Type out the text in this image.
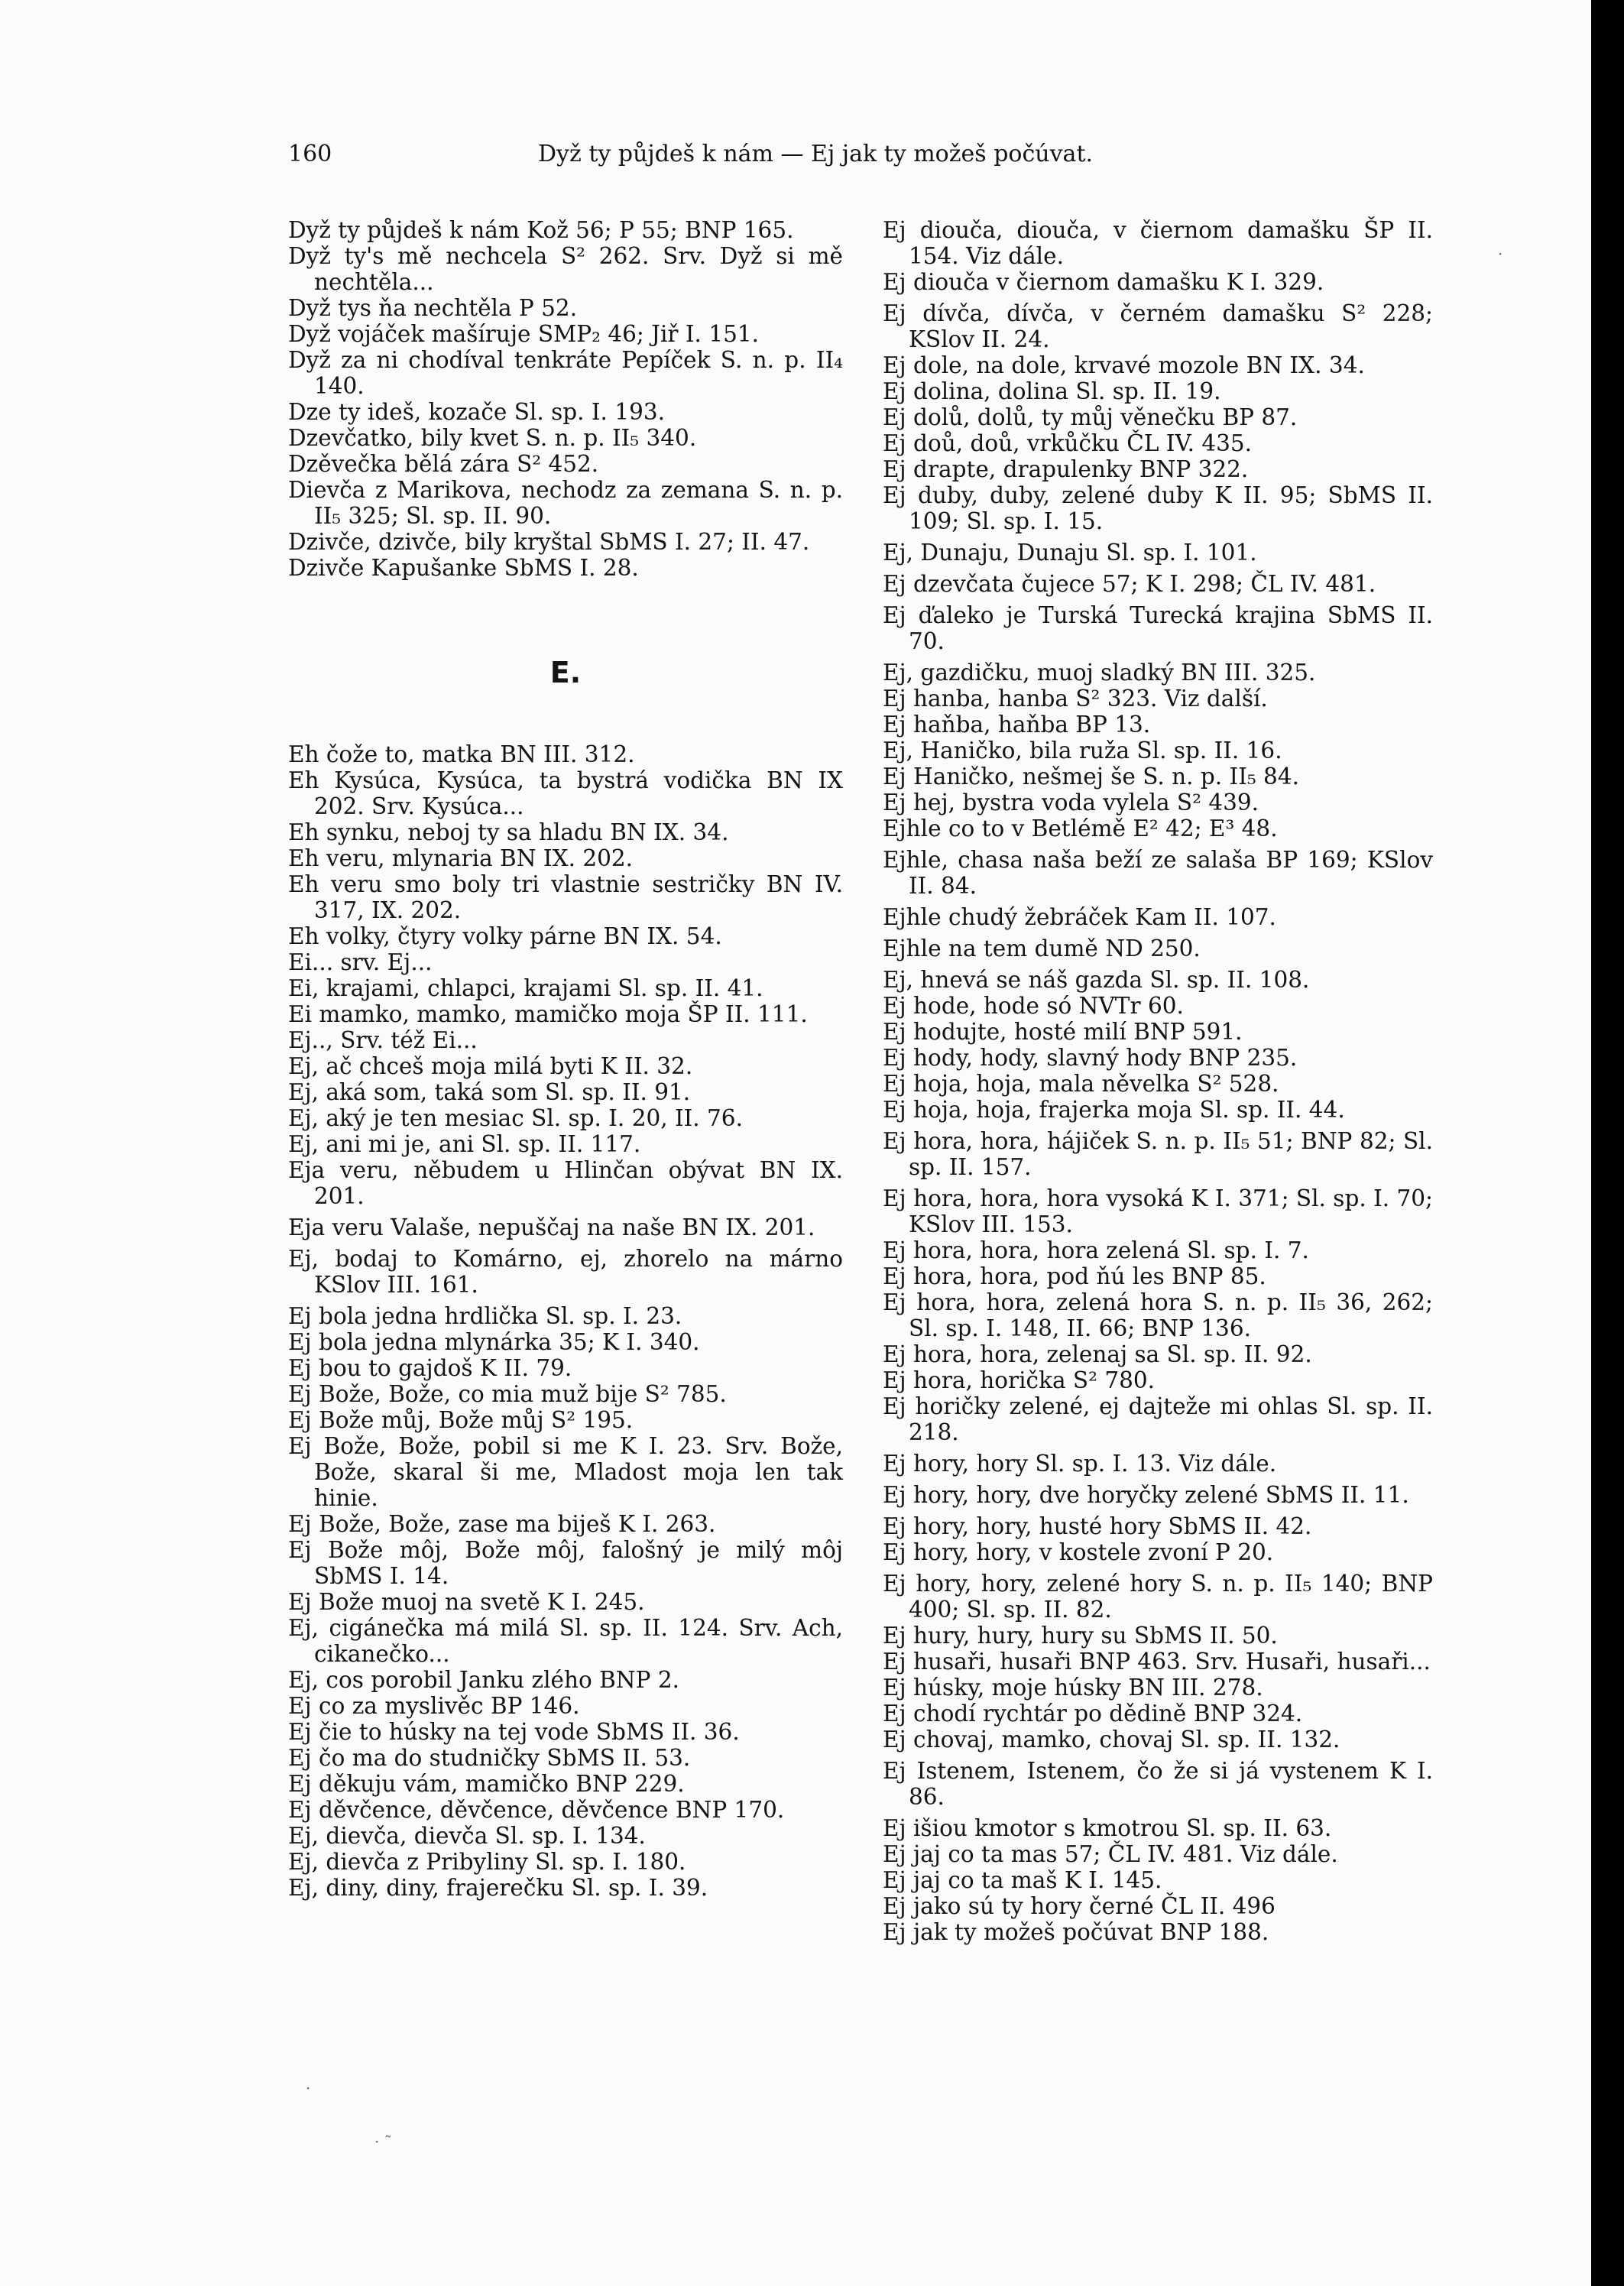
160	Dyž ty půjdeš k nám — Ej jak ty možeš počúvat.
Dyž ty půjdeš k nám Kož 56; P 55; BNP 165.
Dyž ty's mě nechcela S² 262. Srv. Dyž si mě nechtěla...
Dyž tys ňa nechtěla P 52.
Dyž vojáček mašíruje SMP₂ 46; Jiř I. 151.
Dyž za ni chodíval tenkráte Pepíček S. n. p. II₄ 140.
Dze ty ideš, kozače Sl. sp. I. 193.
Dzevčatko, bily kvet S. n. p. II₅ 340.
Dzěvečka bělá zára S² 452.
Dievča z Marikova, nechodz za zemana S. n. p. II₅ 325; Sl. sp. II. 90.
Dzivče, dzivče, bily kryštal SbMS I. 27; II. 47.
Dzivče Kapušanke SbMS I. 28.
E.
Eh čože to, matka BN III. 312.
Eh Kysúca, Kysúca, ta bystrá vodička BN IX 202. Srv. Kysúca...
Eh synku, neboj ty sa hladu BN IX. 34.
Eh veru, mlynaria BN IX. 202.
Eh veru smo boly tri vlastnie sestričky BN IV. 317, IX. 202.
Eh volky, čtyry volky párne BN IX. 54.
Ei... srv. Ej...
Ei, krajami, chlapci, krajami Sl. sp. II. 41.
Ei mamko, mamko, mamičko moja ŠP II. 111.
Ej.., Srv. též Ei...
Ej, ač chceš moja milá byti K II. 32.
Ej, aká som, taká som Sl. sp. II. 91.
Ej, aký je ten mesiac Sl. sp. I. 20, II. 76.
Ej, ani mi je, ani Sl. sp. II. 117.
Eja veru, něbudem u Hlinčan obývat BN IX. 201.
Eja veru Valaše, nepuščaj na naše BN IX. 201.
Ej, bodaj to Komárno, ej, zhorelo na márno KSlov III. 161.
Ej bola jedna hrdlička Sl. sp. I. 23.
Ej bola jedna mlynárka 35; K I. 340.
Ej bou to gajdoš K II. 79.
Ej Bože, Bože, co mia muž bije S² 785.
Ej Bože můj, Bože můj S² 195.
Ej Bože, Bože, pobil si me K I. 23. Srv. Bože, Bože, skaral ši me, Mladost moja len tak hinie.
Ej Bože, Bože, zase ma biješ K I. 263.
Ej Bože môj, Bože môj, falošný je milý môj SbMS I. 14.
Ej Bože muoj na svetě K I. 245.
Ej, cigánečka má milá Sl. sp. II. 124. Srv. Ach, cikanečko...
Ej, cos porobil Janku zlého BNP 2.
Ej co za myslivěc BP 146.
Ej čie to húsky na tej vode SbMS II. 36.
Ej čo ma do studničky SbMS II. 53.
Ej děkuju vám, mamičko BNP 229.
Ej děvčence, děvčence, děvčence BNP 170.
Ej, dievča, dievča Sl. sp. I. 134.
Ej, dievča z Pribyliny Sl. sp. I. 180.
Ej, diny, diny, frajerečku Sl. sp. I. 39.
Ej diouča, diouča, v čiernom damašku ŠP II. 154. Viz dále.
Ej diouča v čiernom damašku K I. 329.
Ej dívča, dívča, v černém damašku S² 228; KSlov II. 24.
Ej dole, na dole, krvavé mozole BN IX. 34.
Ej dolina, dolina Sl. sp. II. 19.
Ej dolů, dolů, ty můj věnečku BP 87.
Ej doů, doů, vrkůčku ČL IV. 435.
Ej drapte, drapulenky BNP 322.
Ej duby, duby, zelené duby K II. 95; SbMS II. 109; Sl. sp. I. 15.
Ej, Dunaju, Dunaju Sl. sp. I. 101.
Ej dzevčata čujece 57; K I. 298; ČL IV. 481.
Ej ďaleko je Turská Turecká krajina SbMS II. 70.
Ej, gazdičku, muoj sladký BN III. 325.
Ej hanba, hanba S² 323. Viz další.
Ej haňba, haňba BP 13.
Ej, Haničko, bila ruža Sl. sp. II. 16.
Ej Haničko, nešmej še S. n. p. II₅ 84.
Ej hej, bystra voda vylela S² 439.
Ejhle co to v Betlémě E² 42; E³ 48.
Ejhle, chasa naša beží ze salaša BP 169; KSlov II. 84.
Ejhle chudý žebráček Kam II. 107.
Ejhle na tem dumě ND 250.
Ej, hnevá se náš gazda Sl. sp. II. 108.
Ej hode, hode só NVTr 60.
Ej hodujte, hosté milí BNP 591.
Ej hody, hody, slavný hody BNP 235.
Ej hoja, hoja, mala něvelka S² 528.
Ej hoja, hoja, frajerka moja Sl. sp. II. 44.
Ej hora, hora, hájiček S. n. p. II₅ 51; BNP 82; Sl. sp. II. 157.
Ej hora, hora, hora vysoká K I. 371; Sl. sp. I. 70; KSlov III. 153.
Ej hora, hora, hora zelená Sl. sp. I. 7.
Ej hora, hora, pod ňú les BNP 85.
Ej hora, hora, zelená hora S. n. p. II₅ 36, 262; Sl. sp. I. 148, II. 66; BNP 136.
Ej hora, hora, zelenaj sa Sl. sp. II. 92.
Ej hora, horička S² 780.
Ej horičky zelené, ej dajteže mi ohlas Sl. sp. II. 218.
Ej hory, hory Sl. sp. I. 13. Viz dále.
Ej hory, hory, dve horyčky zelené SbMS II. 11.
Ej hory, hory, husté hory SbMS II. 42.
Ej hory, hory, v kostele zvoní P 20.
Ej hory, hory, zelené hory S. n. p. II₅ 140; BNP 400; Sl. sp. II. 82.
Ej hury, hury, hury su SbMS II. 50.
Ej husaři, husaři BNP 463. Srv. Husaři, husaři...
Ej húsky, moje húsky BN III. 278.
Ej chodí rychtár po dědině BNP 324.
Ej chovaj, mamko, chovaj Sl. sp. II. 132.
Ej Istenem, Istenem, čo že si já vystenem K I. 86.
Ej išiou kmotor s kmotrou Sl. sp. II. 63.
Ej jaj co ta mas 57; ČL IV. 481. Viz dále.
Ej jaj co ta maš K I. 145.
Ej jako sú ty hory černé ČL II. 496
Ej jak ty možeš počúvat BNP 188.
·
·
· ˜
